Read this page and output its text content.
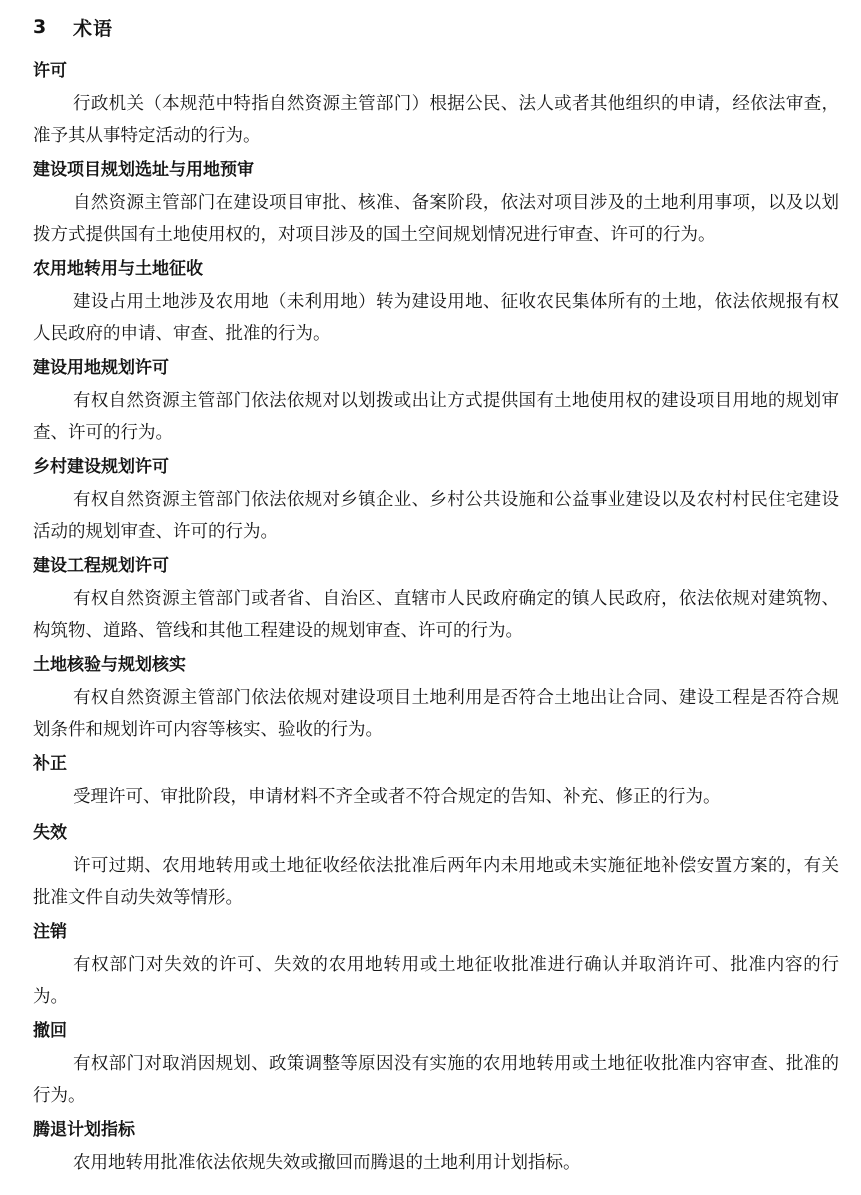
3	术语
许可
行政机关（本规范中特指自然资源主管部门）根据公民、法人或者其他组织的申请，经依法审查，准予其从事特定活动的行为。
建设项目规划选址与用地预审
自然资源主管部门在建设项目审批、核准、备案阶段，依法对项目涉及的土地利用事项，以及以划拨方式提供国有土地使用权的，对项目涉及的国土空间规划情况进行审查、许可的行为。
农用地转用与土地征收
建设占用土地涉及农用地（未利用地）转为建设用地、征收农民集体所有的土地，依法依规报有权人民政府的申请、审查、批准的行为。
建设用地规划许可
有权自然资源主管部门依法依规对以划拨或出让方式提供国有土地使用权的建设项目用地的规划审查、许可的行为。
乡村建设规划许可
有权自然资源主管部门依法依规对乡镇企业、乡村公共设施和公益事业建设以及农村村民住宅建设活动的规划审查、许可的行为。
建设工程规划许可
有权自然资源主管部门或者省、自治区、直辖市人民政府确定的镇人民政府，依法依规对建筑物、构筑物、道路、管线和其他工程建设的规划审查、许可的行为。
土地核验与规划核实
有权自然资源主管部门依法依规对建设项目土地利用是否符合土地出让合同、建设工程是否符合规划条件和规划许可内容等核实、验收的行为。
补正
受理许可、审批阶段，申请材料不齐全或者不符合规定的告知、补充、修正的行为。
失效
许可过期、农用地转用或土地征收经依法批准后两年内未用地或未实施征地补偿安置方案的，有关批准文件自动失效等情形。
注销
有权部门对失效的许可、失效的农用地转用或土地征收批准进行确认并取消许可、批准内容的行为。
撤回
有权部门对取消因规划、政策调整等原因没有实施的农用地转用或土地征收批准内容审查、批准的行为。
腾退计划指标
农用地转用批准依法依规失效或撤回而腾退的土地利用计划指标。
